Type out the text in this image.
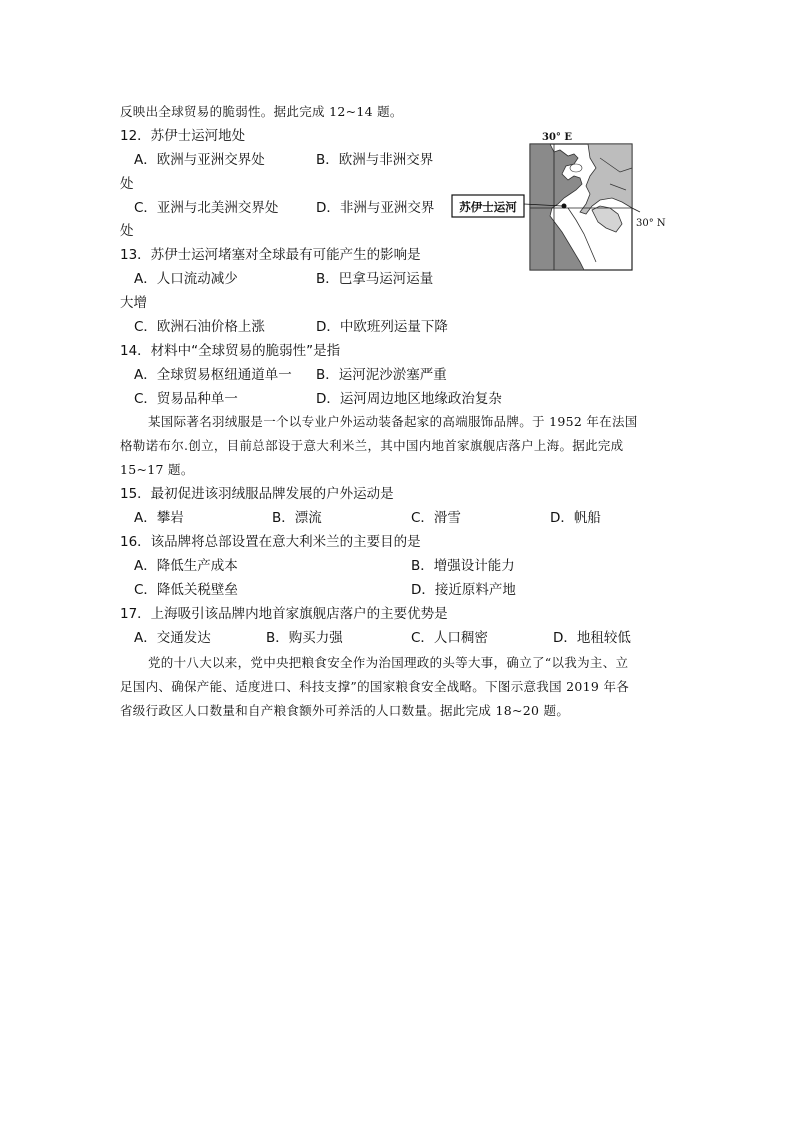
反映出全球贸易的脆弱性。据此完成 12~14 题。
12．苏伊士运河地处
A．欧洲与亚洲交界处	B．欧洲与非洲交界
处
C．亚洲与北美洲交界处	D．非洲与亚洲交界
处
13．苏伊士运河堵塞对全球最有可能产生的影响是
A．人口流动减少	B．巴拿马运河运量
大增
C．欧洲石油价格上涨	D．中欧班列运量下降
14．材料中“全球贸易的脆弱性”是指
A．全球贸易枢纽通道单一 B．运河泥沙淤塞严重
C．贸易品种单一	D．运河周边地区地缘政治复杂
某国际著名羽绒服是一个以专业户外运动装备起家的高端服饰品牌。于 1952 年在法国
格勒诺布尔.创立，目前总部设于意大利米兰，其中国内地首家旗舰店落户上海。据此完成
15~17 题。
15．最初促进该羽绒服品牌发展的户外运动是
A．攀岩	B．漂流	C．滑雪	D．帆船
16．该品牌将总部设置在意大利米兰的主要目的是
A．降低生产成本	B．增强设计能力
C．降低关税壁垒	D．接近原料产地
17．上海吸引该品牌内地首家旗舰店落户的主要优势是
A．交通发达	B．购买力强	C．人口稠密	D．地租较低
党的十八大以来，党中央把粮食安全作为治国理政的头等大事，确立了“以我为主、立
足国内、确保产能、适度进口、科技支撑”的国家粮食安全战略。下图示意我国 2019 年各
省级行政区人口数量和自产粮食额外可养活的人口数量。据此完成 18~20 题。
苏伊士运河
30° E
30° N
